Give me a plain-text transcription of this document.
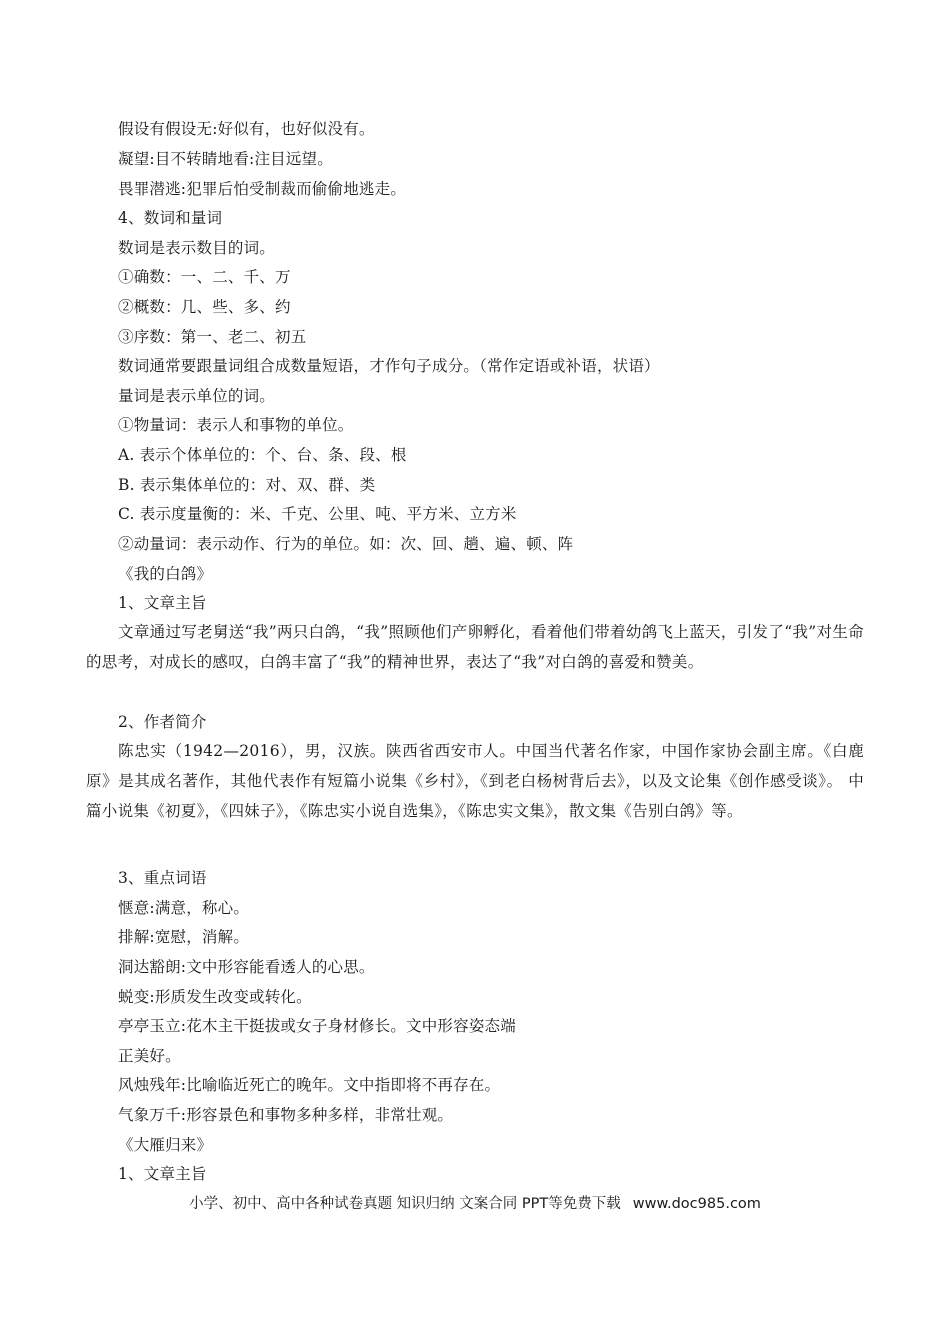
假设有假设无:好似有，也好似没有。
凝望:目不转睛地看:注目远望。
畏罪潜逃:犯罪后怕受制裁而偷偷地逃走。
4、数词和量词
数词是表示数目的词。
①确数：一、二、千、万
②概数：几、些、多、约
③序数：第一、老二、初五
数词通常要跟量词组合成数量短语，才作句子成分。（常作定语或补语，状语）
量词是表示单位的词。
①物量词：表示人和事物的单位。
A. 表示个体单位的：个、台、条、段、根
B. 表示集体单位的：对、双、群、类
C. 表示度量衡的：米、千克、公里、吨、平方米、立方米
②动量词：表示动作、行为的单位。如：次、回、趟、遍、顿、阵
《我的白鸽》
1、文章主旨
文章通过写老舅送“我”两只白鸽，“我”照顾他们产卵孵化，看着他们带着幼鸽飞上蓝天，引发了“我”对生命的思考，对成长的感叹，白鸽丰富了“我”的精神世界，表达了“我”对白鸽的喜爱和赞美。
2、作者简介
陈忠实（1942—2016），男，汉族。陕西省西安市人。中国当代著名作家，中国作家协会副主席。《白鹿原》是其成名著作，其他代表作有短篇小说集《乡村》，《到老白杨树背后去》，以及文论集《创作感受谈》。 中篇小说集《初夏》，《四妹子》，《陈忠实小说自选集》，《陈忠实文集》，散文集《告别白鸽》等。
3、重点词语
惬意:满意，称心。
排解:宽慰，消解。
洞达豁朗:文中形容能看透人的心思。
蜕变:形质发生改变或转化。
亭亭玉立:花木主干挺拔或女子身材修长。文中形容姿态端
正美好。
风烛残年:比喻临近死亡的晚年。文中指即将不再存在。
气象万千:形容景色和事物多种多样，非常壮观。
《大雁归来》
1、文章主旨
小学、初中、高中各种试卷真题 知识归纳 文案合同 PPT等免费下载 www.doc985.com
